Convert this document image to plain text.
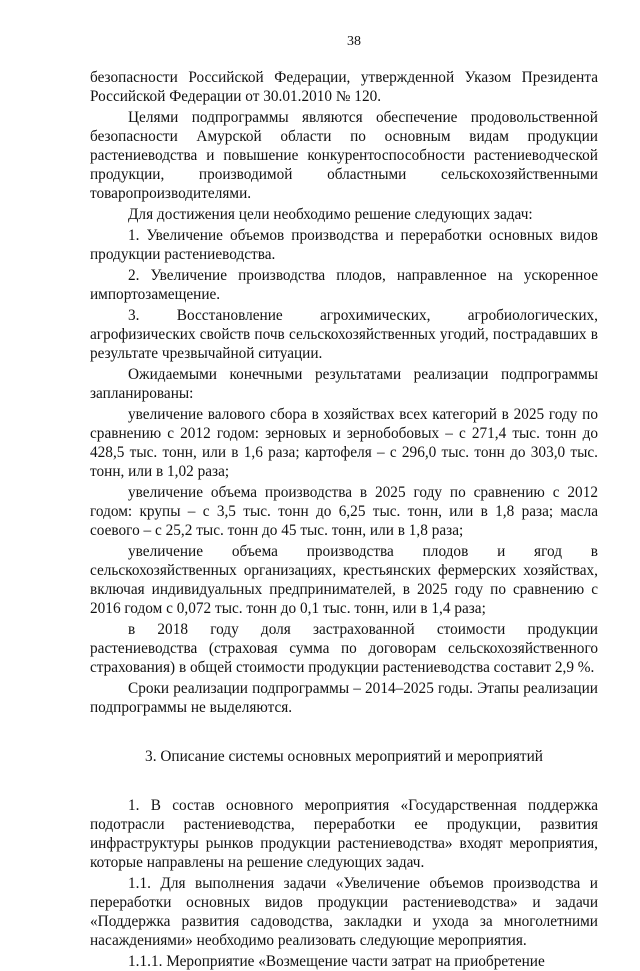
38

безопасности Российской Федерации, утвержденной Указом Президента Российской Федерации от 30.01.2010 № 120.

Целями подпрограммы являются обеспечение продовольственной безопасности Амурской области по основным видам продукции растениеводства и повышение конкурентоспособности растениеводческой продукции, производимой областными сельскохозяйственными товаропроизводителями.

Для достижения цели необходимо решение следующих задач:

1. Увеличение объемов производства и переработки основных видов продукции растениеводства.

2. Увеличение производства плодов, направленное на ускоренное импортозамещение.

3. Восстановление агрохимических, агробиологических, агрофизических свойств почв сельскохозяйственных угодий, пострадавших в результате чрезвычайной ситуации.

Ожидаемыми конечными результатами реализации подпрограммы запланированы:

увеличение валового сбора в хозяйствах всех категорий в 2025 году по сравнению с 2012 годом: зерновых и зернобобовых – с 271,4 тыс. тонн до 428,5 тыс. тонн, или в 1,6 раза; картофеля – с 296,0 тыс. тонн до 303,0 тыс. тонн, или в 1,02 раза;

увеличение объема производства в 2025 году по сравнению с 2012 годом: крупы – с 3,5 тыс. тонн до 6,25 тыс. тонн, или в 1,8 раза; масла соевого – с 25,2 тыс. тонн до 45 тыс. тонн, или в 1,8 раза;

увеличение объема производства плодов и ягод в сельскохозяйственных организациях, крестьянских фермерских хозяйствах, включая индивидуальных предпринимателей, в 2025 году по сравнению с 2016 годом с 0,072 тыс. тонн до 0,1 тыс. тонн, или в 1,4 раза;

в 2018 году доля застрахованной стоимости продукции растениеводства (страховая сумма по договорам сельскохозяйственного страхования) в общей стоимости продукции растениеводства составит 2,9 %.

Сроки реализации подпрограммы – 2014–2025 годы. Этапы реализации подпрограммы не выделяются.

3. Описание системы основных мероприятий и мероприятий

1. В состав основного мероприятия «Государственная поддержка подотрасли растениеводства, переработки ее продукции, развития инфраструктуры рынков продукции растениеводства» входят мероприятия, которые направлены на решение следующих задач.

1.1. Для выполнения задачи «Увеличение объемов производства и переработки основных видов продукции растениеводства» и задачи «Поддержка развития садоводства, закладки и ухода за многолетними насаждениями» необходимо реализовать следующие мероприятия.

1.1.1. Мероприятие «Возмещение части затрат на приобретение
